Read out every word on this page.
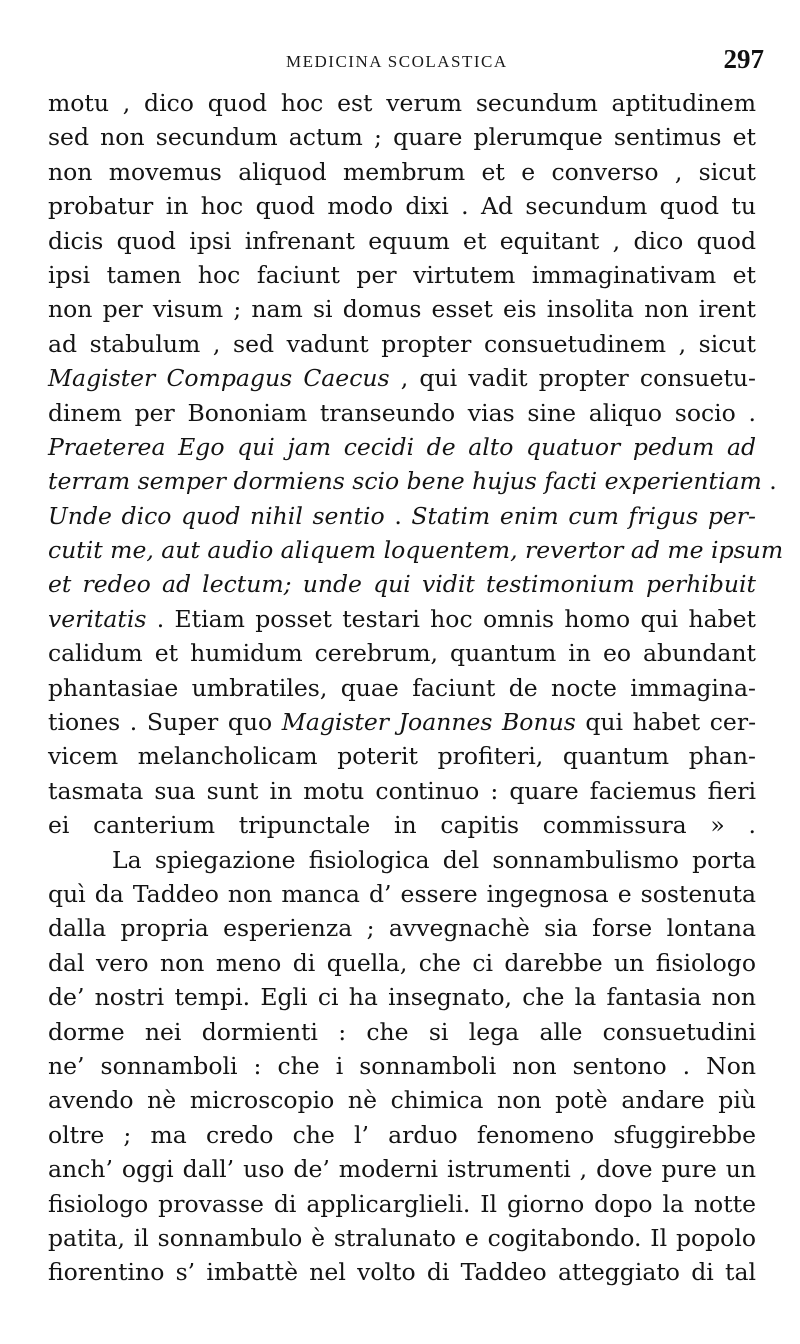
MEDICINA SCOLASTICA	297
motu , dico quod hoc est verum secundum aptitudinem
sed non secundum actum ; quare plerumque sentimus et
non movemus aliquod membrum et e converso , sicut
probatur in hoc quod modo dixi . Ad secundum quod tu
dicis quod ipsi infrenant equum et equitant , dico quod
ipsi tamen hoc faciunt per virtutem immaginativam et
non per visum ; nam si domus esset eis insolita non irent
ad stabulum , sed vadunt propter consuetudinem , sicut
Magister Compagus Caecus , qui vadit propter consuetu-
dinem per Bononiam transeundo vias sine aliquo socio .
Praeterea Ego qui jam cecidi de alto quatuor pedum ad
terram semper dormiens scio bene hujus facti experientiam .
Unde dico quod nihil sentio . Statim enim cum frigus per-
cutit me, aut audio aliquem loquentem, revertor ad me ipsum
et redeo ad lectum; unde qui vidit testimonium perhibuit
veritatis . Etiam posset testari hoc omnis homo qui habet
calidum et humidum cerebrum, quantum in eo abundant
phantasiae umbratiles, quae faciunt de nocte immagina-
tiones . Super quo Magister Joannes Bonus qui habet cer-
vicem melancholicam poterit profiteri, quantum phan-
tasmata sua sunt in motu continuo : quare faciemus fieri
ei canterium tripunctale in capitis commissura » .
La spiegazione fisiologica del sonnambulismo porta
quì da Taddeo non manca d’ essere ingegnosa e sostenuta
dalla propria esperienza ; avvegnachè sia forse lontana
dal vero non meno di quella, che ci darebbe un fisiologo
de’ nostri tempi. Egli ci ha insegnato, che la fantasia non
dorme nei dormienti : che si lega alle consuetudini
ne’ sonnamboli : che i sonnamboli non sentono . Non
avendo nè microscopio nè chimica non potè andare più
oltre ; ma credo che l’ arduo fenomeno sfuggirebbe
anch’ oggi dall’ uso de’ moderni istrumenti , dove pure un
fisiologo provasse di applicarglieli. Il giorno dopo la notte
patita, il sonnambulo è stralunato e cogitabondo. Il popolo
fiorentino s’ imbattè nel volto di Taddeo atteggiato di tal
